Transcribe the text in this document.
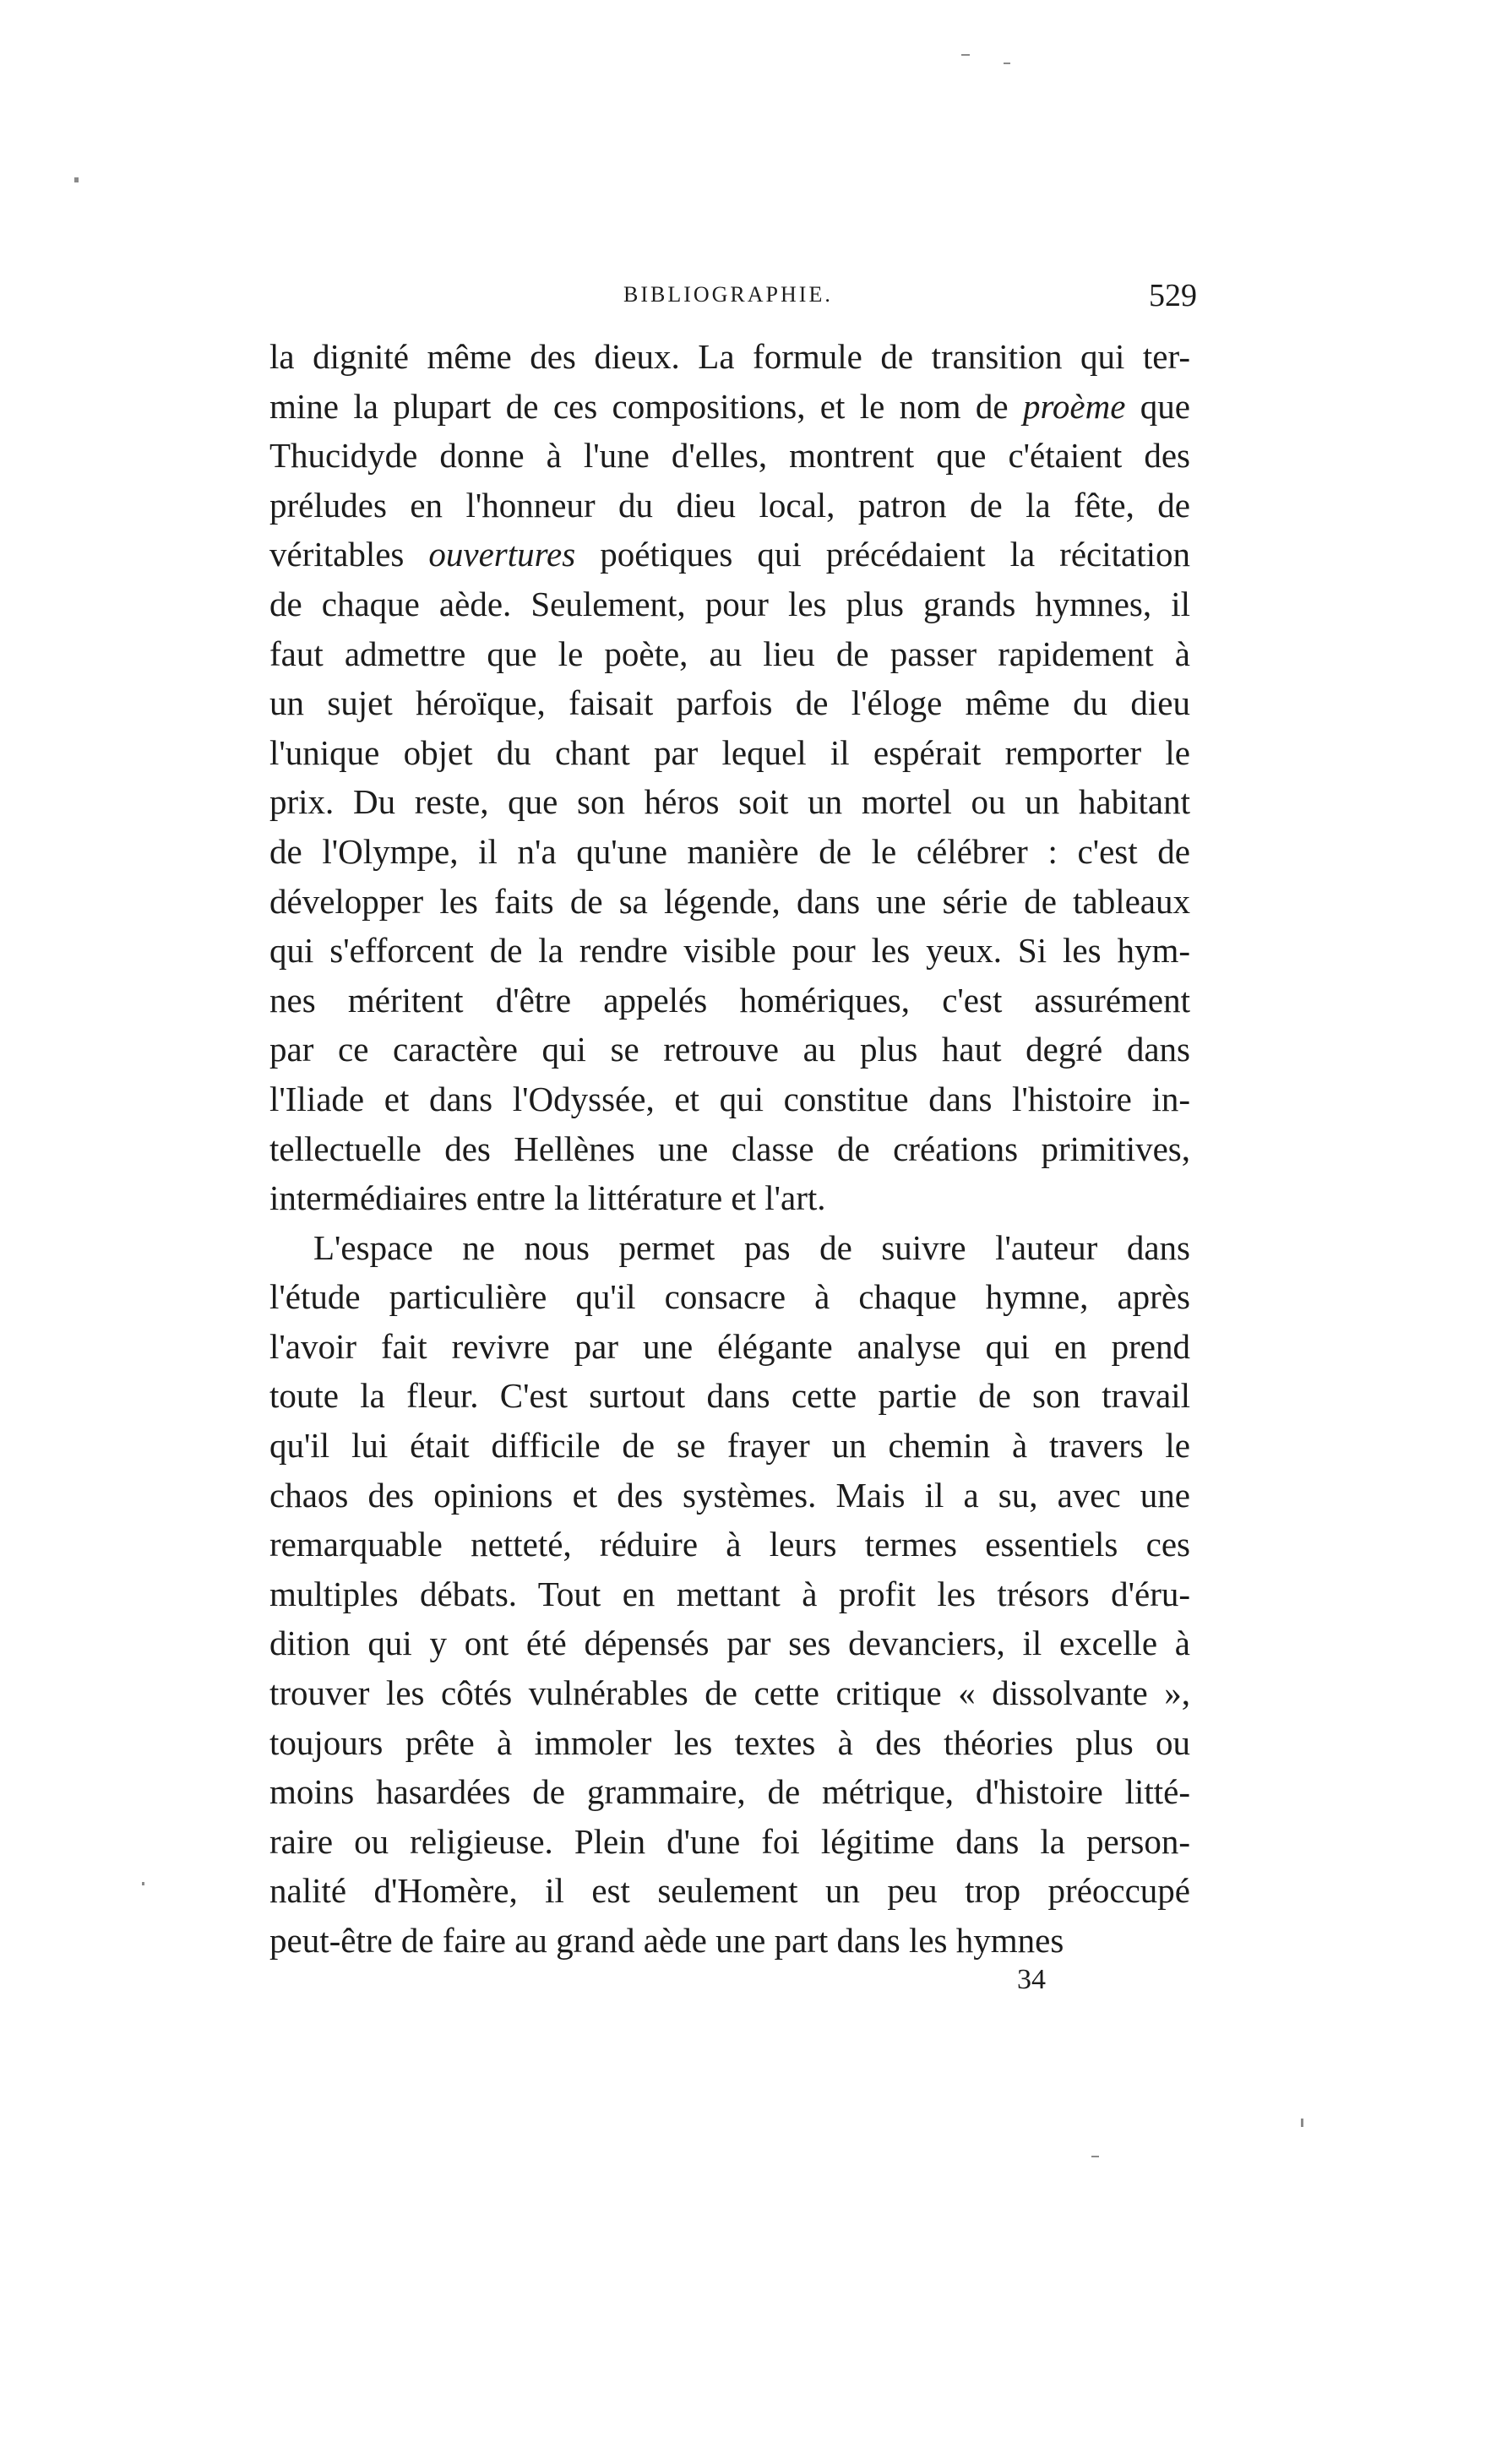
BIBLIOGRAPHIE.	529
la dignité même des dieux. La formule de transition qui ter-
mine la plupart de ces compositions, et le nom de proème que
Thucidyde donne à l'une d'elles, montrent que c'étaient des
préludes en l'honneur du dieu local, patron de la fête, de
véritables ouvertures poétiques qui précédaient la récitation
de chaque aède. Seulement, pour les plus grands hymnes, il
faut admettre que le poète, au lieu de passer rapidement à
un sujet héroïque, faisait parfois de l'éloge même du dieu
l'unique objet du chant par lequel il espérait remporter le
prix. Du reste, que son héros soit un mortel ou un habitant
de l'Olympe, il n'a qu'une manière de le célébrer : c'est de
développer les faits de sa légende, dans une série de tableaux
qui s'efforcent de la rendre visible pour les yeux. Si les hym-
nes méritent d'être appelés homériques, c'est assurément
par ce caractère qui se retrouve au plus haut degré dans
l'Iliade et dans l'Odyssée, et qui constitue dans l'histoire in-
tellectuelle des Hellènes une classe de créations primitives,
intermédiaires entre la littérature et l'art.
L'espace ne nous permet pas de suivre l'auteur dans
l'étude particulière qu'il consacre à chaque hymne, après
l'avoir fait revivre par une élégante analyse qui en prend
toute la fleur. C'est surtout dans cette partie de son travail
qu'il lui était difficile de se frayer un chemin à travers le
chaos des opinions et des systèmes. Mais il a su, avec une
remarquable netteté, réduire à leurs termes essentiels ces
multiples débats. Tout en mettant à profit les trésors d'éru-
dition qui y ont été dépensés par ses devanciers, il excelle à
trouver les côtés vulnérables de cette critique « dissolvante »,
toujours prête à immoler les textes à des théories plus ou
moins hasardées de grammaire, de métrique, d'histoire litté-
raire ou religieuse. Plein d'une foi légitime dans la person-
nalité d'Homère, il est seulement un peu trop préoccupé
peut-être de faire au grand aède une part dans les hymnes
34
